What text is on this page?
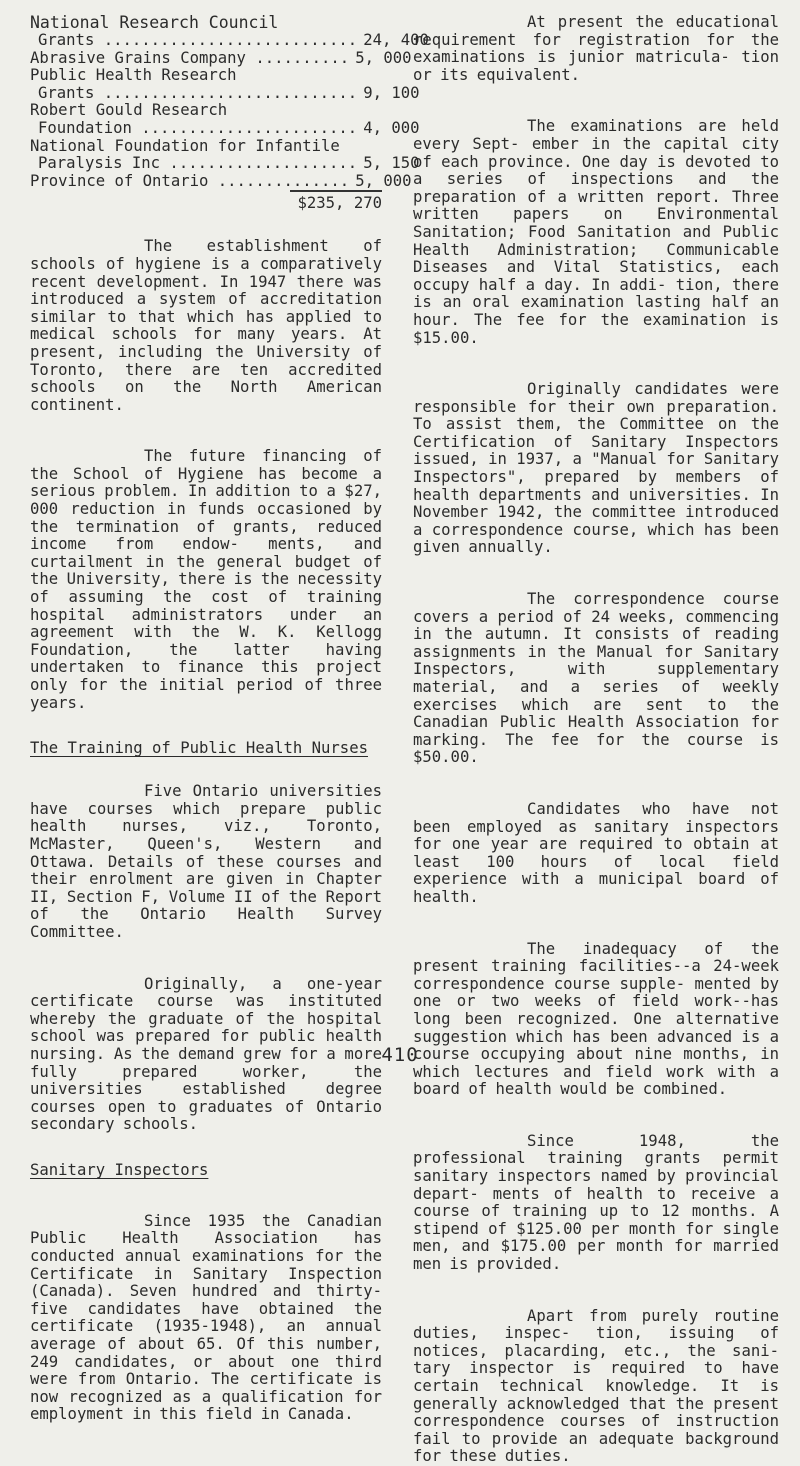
National Research Council
Grants ........................... 24, 400
Abrasive Grains Company .......... 5, 000
Public Health Research
Grants ........................... 9, 100
Robert Gould Research
Foundation ....................... 4, 000
National Foundation for Infantile
Paralysis Inc .................... 5, 150
Province of Ontario .............. 5, 000
$235, 270

The establishment of schools of hygiene is a comparatively recent development. In 1947 there was introduced a system of accreditation similar to that which has applied to medical schools for many years. At present, including the University of Toronto, there are ten accredited schools on the North American continent.

The future financing of the School of Hygiene has become a serious problem. In addition to a $27, 000 reduction in funds occasioned by the termination of grants, reduced income from endow- ments, and curtailment in the general budget of the University, there is the necessity of assuming the cost of training hospital administrators under an agreement with the W. K. Kellogg Foundation, the latter having undertaken to finance this project only for the initial period of three years.

The Training of Public Health Nurses

Five Ontario universities have courses which prepare public health nurses, viz., Toronto, McMaster, Queen's, Western and Ottawa. Details of these courses and their enrolment are given in Chapter II, Section F, Volume II of the Report of the Ontario Health Survey Committee.

Originally, a one-year certificate course was instituted whereby the graduate of the hospital school was prepared for public health nursing. As the demand grew for a more fully prepared worker, the universities established degree courses open to graduates of Ontario secondary schools.

Sanitary Inspectors

Since 1935 the Canadian Public Health Association has conducted annual examinations for the Certificate in Sanitary Inspection (Canada). Seven hundred and thirty-five candidates have obtained the certificate (1935-1948), an annual average of about 65. Of this number, 249 candidates, or about one third were from Ontario. The certificate is now recognized as a qualification for employment in this field in Canada.

At present the educational requirement for registration for the examinations is junior matricula- tion or its equivalent.

The examinations are held every Sept- ember in the capital city of each province. One day is devoted to a series of inspections and the preparation of a written report. Three written papers on Environmental Sanitation; Food Sanitation and Public Health Administration; Communicable Diseases and Vital Statistics, each occupy half a day. In addi- tion, there is an oral examination lasting half an hour. The fee for the examination is $15.00.

Originally candidates were responsible for their own preparation. To assist them, the Committee on the Certification of Sanitary Inspectors issued, in 1937, a "Manual for Sanitary Inspectors", prepared by members of health departments and universities. In November 1942, the committee introduced a correspondence course, which has been given annually.

The correspondence course covers a period of 24 weeks, commencing in the autumn. It consists of reading assignments in the Manual for Sanitary Inspectors, with supplementary material, and a series of weekly exercises which are sent to the Canadian Public Health Association for marking. The fee for the course is $50.00.

Candidates who have not been employed as sanitary inspectors for one year are required to obtain at least 100 hours of local field experience with a municipal board of health.

The inadequacy of the present training facilities--a 24-week correspondence course supple- mented by one or two weeks of field work--has long been recognized. One alternative suggestion which has been advanced is a course occupying about nine months, in which lectures and field work with a board of health would be combined.

Since 1948, the professional training grants permit sanitary inspectors named by provincial depart- ments of health to receive a course of training up to 12 months. A stipend of $125.00 per month for single men, and $175.00 per month for married men is provided.

Apart from purely routine duties, inspec- tion, issuing of notices, placarding, etc., the sani- tary inspector is required to have certain technical knowledge. It is generally acknowledged that the present correspondence courses of instruction fail to provide an adequate background for these duties.

410
